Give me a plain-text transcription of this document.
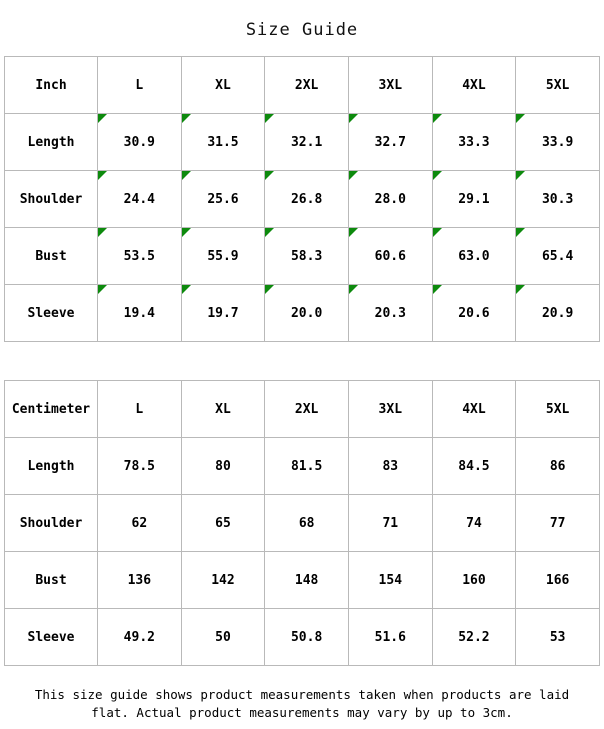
Size Guide
Inch	L	XL	2XL	3XL	4XL	5XL
Length	30.9	31.5	32.1	32.7	33.3	33.9
Shoulder	24.4	25.6	26.8	28.0	29.1	30.3
Bust	53.5	55.9	58.3	60.6	63.0	65.4
Sleeve	19.4	19.7	20.0	20.3	20.6	20.9
Centimeter	L	XL	2XL	3XL	4XL	5XL
Length	78.5	80	81.5	83	84.5	86
Shoulder	62	65	68	71	74	77
Bust	136	142	148	154	160	166
Sleeve	49.2	50	50.8	51.6	52.2	53
This size guide shows product measurements taken when products are laid flat. Actual product measurements may vary by up to 3cm.
